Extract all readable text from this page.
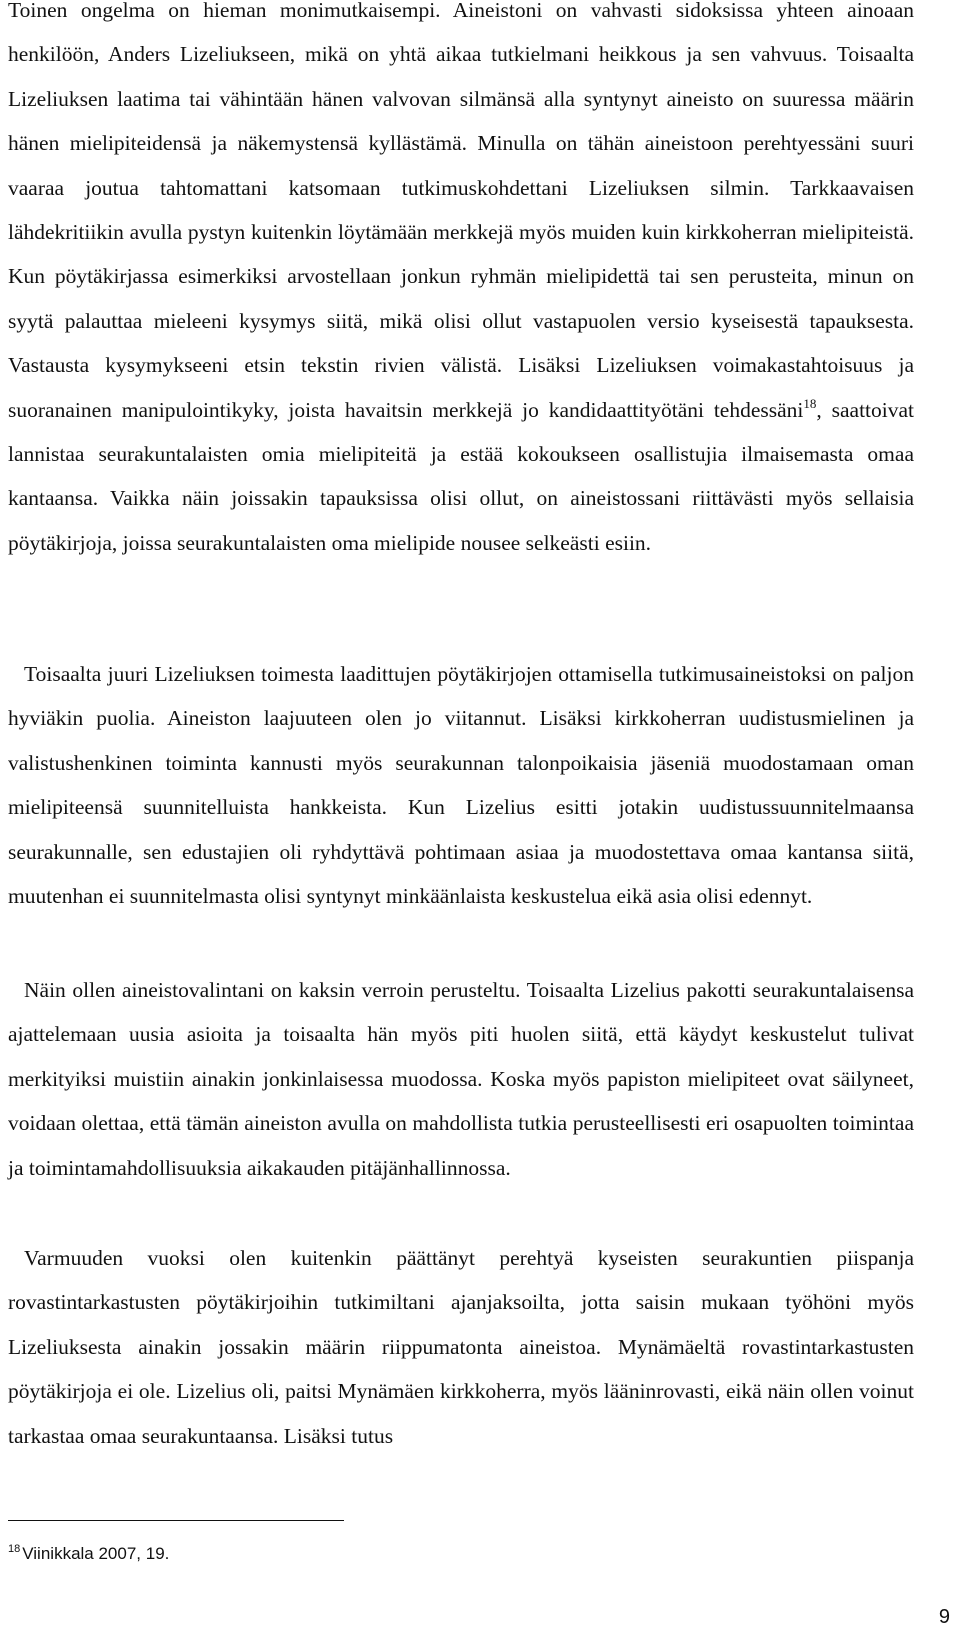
Toinen ongelma on hieman monimutkaisempi. Aineistoni on vahvasti sidoksissa yhteen ainoaan henkilöön, Anders Lizeliukseen, mikä on yhtä aikaa tutkielmani heikkous ja sen vahvuus. Toisaalta Lizeliuksen laatima tai vähintään hänen valvovan silmänsä alla syntynyt aineisto on suuressa määrin hänen mielipiteidensä ja näkemystensä kyllästämä. Minulla on tähän aineistoon perehtyessäni suuri vaaraa joutua tahtomattani katsomaan tutkimuskohdettani Lizeliuksen silmin. Tarkkaavaisen lähdekritiikin avulla pystyn kuitenkin löytämään merkkejä myös muiden kuin kirkkoherran mielipiteistä. Kun pöytäkirjassa esimerkiksi arvostellaan jonkun ryhmän mielipidettä tai sen perusteita, minun on syytä palauttaa mieleeni kysymys siitä, mikä olisi ollut vastapuolen versio kyseisestä tapauksesta. Vastausta kysymykseeni etsin tekstin rivien välistä. Lisäksi Lizeliuksen voimakastahtoisuus ja suoranainen manipulointikyky, joista havaitsin merkkejä jo kandidaattityötäni tehdessäni$^{18}$, saattoivat lannistaa seurakuntalaisten omia mielipiteitä ja estää kokoukseen osallistujia ilmaisemasta omaa kantaansa. Vaikka näin joissakin tapauksissa olisi ollut, on aineistossani riittävästi myös sellaisia pöytäkirjoja, joissa seurakuntalaisten oma mielipide nousee selkeästi esiin.

Toisaalta juuri Lizeliuksen toimesta laadittujen pöytäkirjojen ottamisella tutkimusaineistoksi on paljon hyviäkin puolia. Aineiston laajuuteen olen jo viitannut. Lisäksi kirkkoherran uudistusmielinen ja valistushenkinen toiminta kannusti myös seurakunnan talonpoikaisia jäseniä muodostamaan oman mielipiteensä suunnitelluista hankkeista. Kun Lizelius esitti jotakin uudistussuunnitelmaansa seurakunnalle, sen edustajien oli ryhdyttävä pohtimaan asiaa ja muodostettava omaa kantansa siitä, muutenhan ei suunnitelmasta olisi syntynyt minkäänlaista keskustelua eikä asia olisi edennyt.

Näin ollen aineistovalintani on kaksin verroin perusteltu. Toisaalta Lizelius pakotti seurakuntalaisensa ajattelemaan uusia asioita ja toisaalta hän myös piti huolen siitä, että käydyt keskustelut tulivat merkityiksi muistiin ainakin jonkinlaisessa muodossa. Koska myös papiston mielipiteet ovat säilyneet, voidaan olettaa, että tämän aineiston avulla on mahdollista tutkia perusteellisesti eri osapuolten toimintaa ja toimintamahdollisuuksia aikakauden pitäjänhallinnossa.

Varmuuden vuoksi olen kuitenkin päättänyt perehtyä kyseisten seurakuntien piispanja rovastintarkastusten pöytäkirjoihin tutkimiltani ajanjaksoilta, jotta saisin mukaan työhöni myös Lizeliuksesta ainakin jossakin määrin riippumatonta aineistoa. Mynämäeltä rovastintarkastusten pöytäkirjoja ei ole. Lizelius oli, paitsi Mynämäen kirkkoherra, myös lääninrovasti, eikä näin ollen voinut tarkastaa omaa seurakuntaansa. Lisäksi tutus

$^{18}$ Viinikkala 2007, 19.

9
